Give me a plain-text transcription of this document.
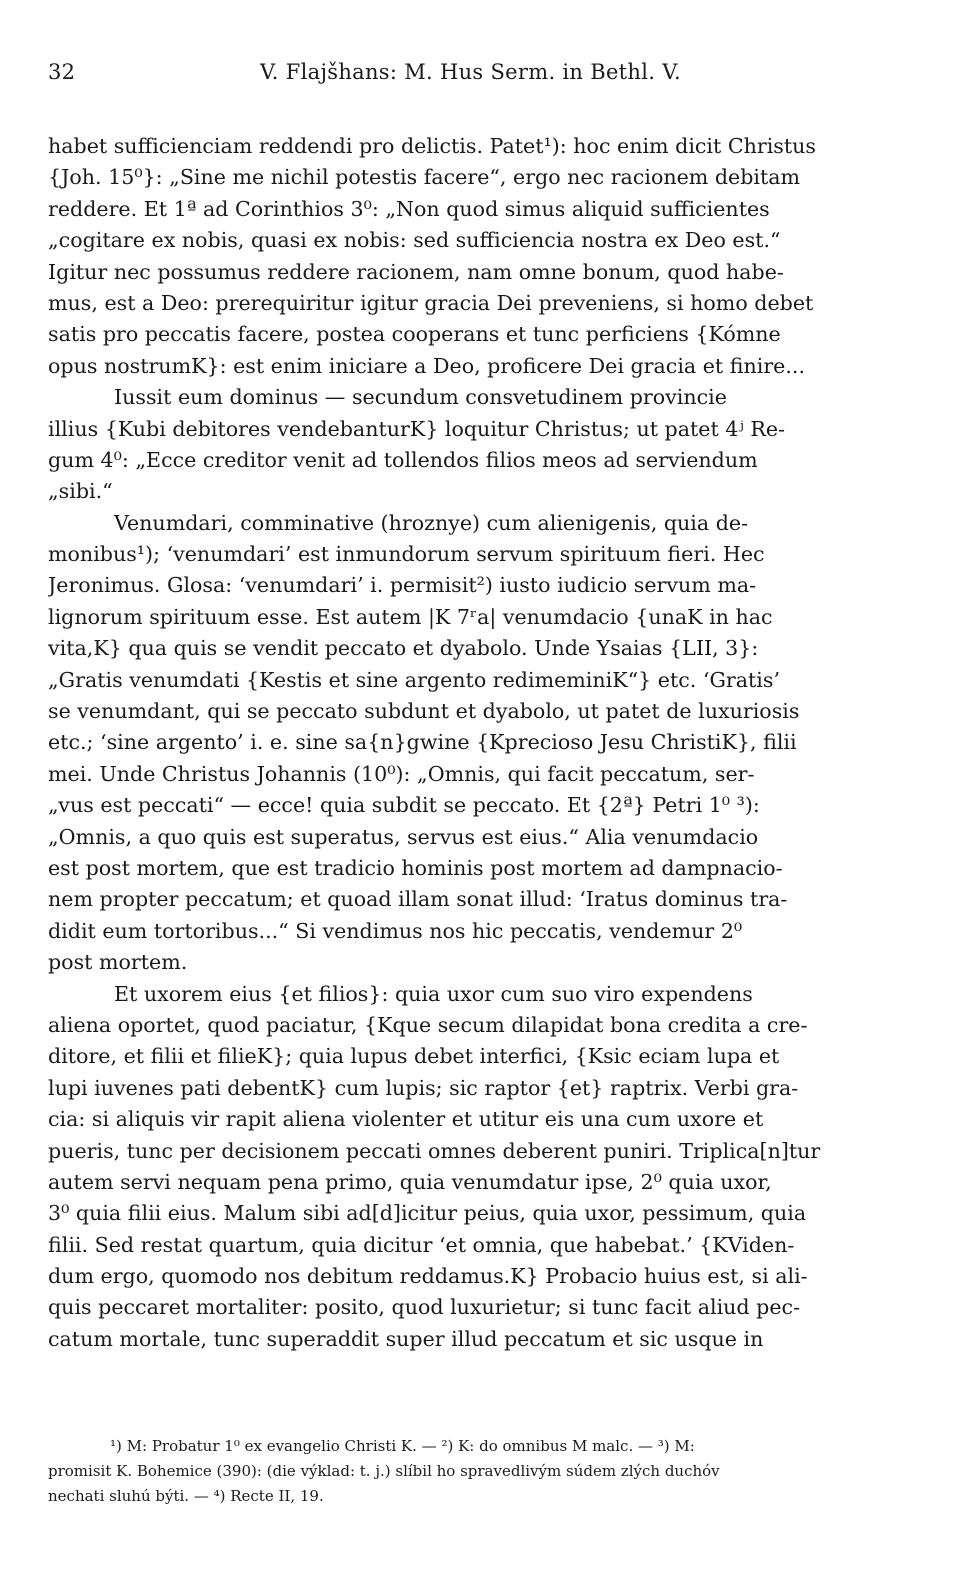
32	V. Flajšhans: M. Hus Serm. in Bethl. V.
habet sufficienciam reddendi pro delictis. Patet¹): hoc enim dicit Christus
{Joh. 15⁰}: „Sine me nichil potestis facere“, ergo nec racionem debitam
reddere. Et 1ª ad Corinthios 3⁰: „Non quod simus aliquid sufficientes
„cogitare ex nobis, quasi ex nobis: sed sufficiencia nostra ex Deo est.“
Igitur nec possumus reddere racionem, nam omne bonum, quod habe-
mus, est a Deo: prerequiritur igitur gracia Dei preveniens, si homo debet
satis pro peccatis facere, postea cooperans et tunc perficiens {Kómne
opus nostrumK}: est enim iniciare a Deo, proficere Dei gracia et finire...
Iussit eum dominus — secundum consvetudinem provincie
illius {Kubi debitores vendebanturK} loquitur Christus; ut patet 4ʲ Re-
gum 4⁰: „Ecce creditor venit ad tollendos filios meos ad serviendum
„sibi.“
Venumdari, comminative (hroznye) cum alienigenis, quia de-
monibus¹); ‘venumdari’ est inmundorum servum spirituum fieri. Hec
Jeronimus. Glosa: ‘venumdari’ i. permisit²) iusto iudicio servum ma-
lignorum spirituum esse. Est autem |K 7ʳa| venumdacio {unaK in hac
vita,K} qua quis se vendit peccato et dyabolo. Unde Ysaias {LII, 3}:
„Gratis venumdati {Kestis et sine argento redimeminiK“} etc. ‘Gratis’
se venumdant, qui se peccato subdunt et dyabolo, ut patet de luxuriosis
etc.; ‘sine argento’ i. e. sine sa{n}gwine {Kprecioso Jesu ChristiK}, filii
mei. Unde Christus Johannis (10⁰): „Omnis, qui facit peccatum, ser-
„vus est peccati“ — ecce! quia subdit se peccato. Et {2ª} Petri 1⁰ ³):
„Omnis, a quo quis est superatus, servus est eius.“ Alia venumdacio
est post mortem, que est tradicio hominis post mortem ad dampnacio-
nem propter peccatum; et quoad illam sonat illud: ‘Iratus dominus tra-
didit eum tortoribus...“ Si vendimus nos hic peccatis, vendemur 2⁰
post mortem.
Et uxorem eius {et filios}: quia uxor cum suo viro expendens
aliena oportet, quod paciatur, {Kque secum dilapidat bona credita a cre-
ditore, et filii et filieK}; quia lupus debet interfici, {Ksic eciam lupa et
lupi iuvenes pati debentK} cum lupis; sic raptor {et} raptrix. Verbi gra-
cia: si aliquis vir rapit aliena violenter et utitur eis una cum uxore et
pueris, tunc per decisionem peccati omnes deberent puniri. Triplica[n]tur
autem servi nequam pena primo, quia venumdatur ipse, 2⁰ quia uxor,
3⁰ quia filii eius. Malum sibi ad[d]icitur peius, quia uxor, pessimum, quia
filii. Sed restat quartum, quia dicitur ‘et omnia, que habebat.’ {KViden-
dum ergo, quomodo nos debitum reddamus.K} Probacio huius est, si ali-
quis peccaret mortaliter: posito, quod luxurietur; si tunc facit aliud pec-
catum mortale, tunc superaddit super illud peccatum et sic usque in
¹) M: Probatur 1⁰ ex evangelio Christi K. — ²) K: do omnibus M malc. — ³) M:
promisit K. Bohemice (390): (die výklad: t. j.) slíbil ho spravedlivým súdem zlých duchóv
nechati sluhú býti. — ⁴) Recte II, 19.
